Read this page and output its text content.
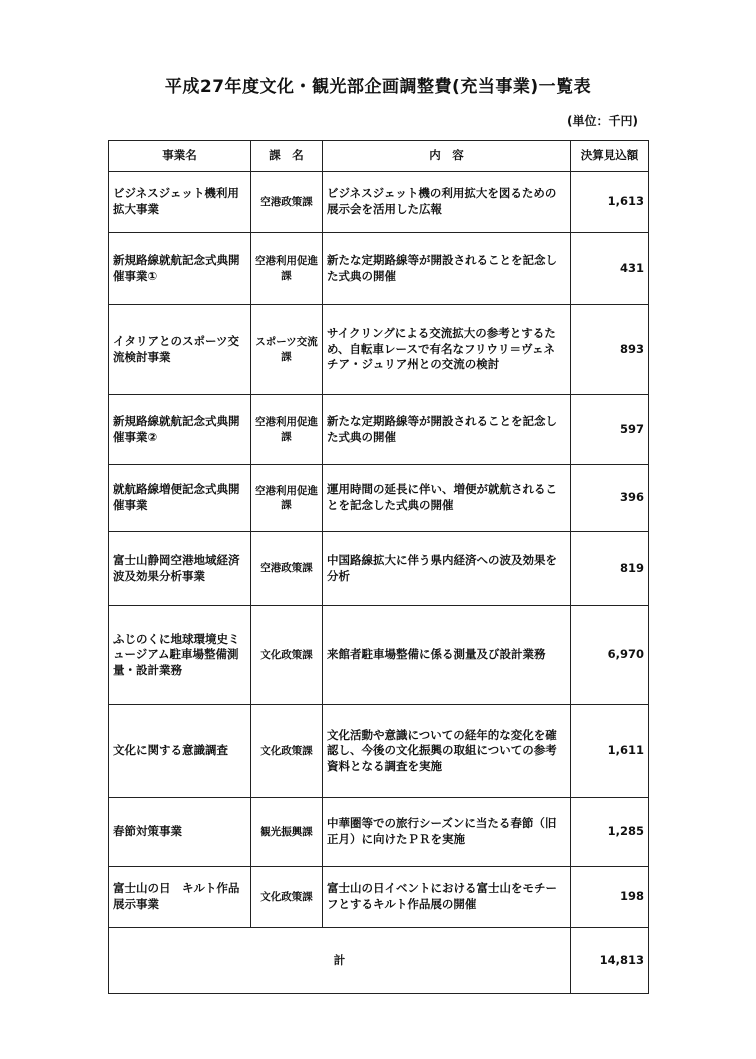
平成27年度文化・観光部企画調整費(充当事業)一覧表
(単位：千円)
事業名	課　名	内　容	決算見込額
ビジネスジェット機利用拡大事業	空港政策課	ビジネスジェット機の利用拡大を図るための展示会を活用した広報	1,613
新規路線就航記念式典開催事業①	空港利用促進課	新たな定期路線等が開設されることを記念した式典の開催	431
イタリアとのスポーツ交流検討事業	スポーツ交流課	サイクリングによる交流拡大の参考とするため、自転車レースで有名なフリウリ＝ヴェネチア・ジュリア州との交流の検討	893
新規路線就航記念式典開催事業②	空港利用促進課	新たな定期路線等が開設されることを記念した式典の開催	597
就航路線増便記念式典開催事業	空港利用促進課	運用時間の延長に伴い、増便が就航されることを記念した式典の開催	396
富士山静岡空港地域経済波及効果分析事業	空港政策課	中国路線拡大に伴う県内経済への波及効果を分析	819
ふじのくに地球環境史ミュージアム駐車場整備測量・設計業務	文化政策課	来館者駐車場整備に係る測量及び設計業務	6,970
文化に関する意識調査	文化政策課	文化活動や意識についての経年的な変化を確認し、今後の文化振興の取組についての参考資料となる調査を実施	1,611
春節対策事業	観光振興課	中華圏等での旅行シーズンに当たる春節（旧正月）に向けたＰＲを実施	1,285
富士山の日　キルト作品展示事業	文化政策課	富士山の日イベントにおける富士山をモチーフとするキルト作品展の開催	198
計			14,813
